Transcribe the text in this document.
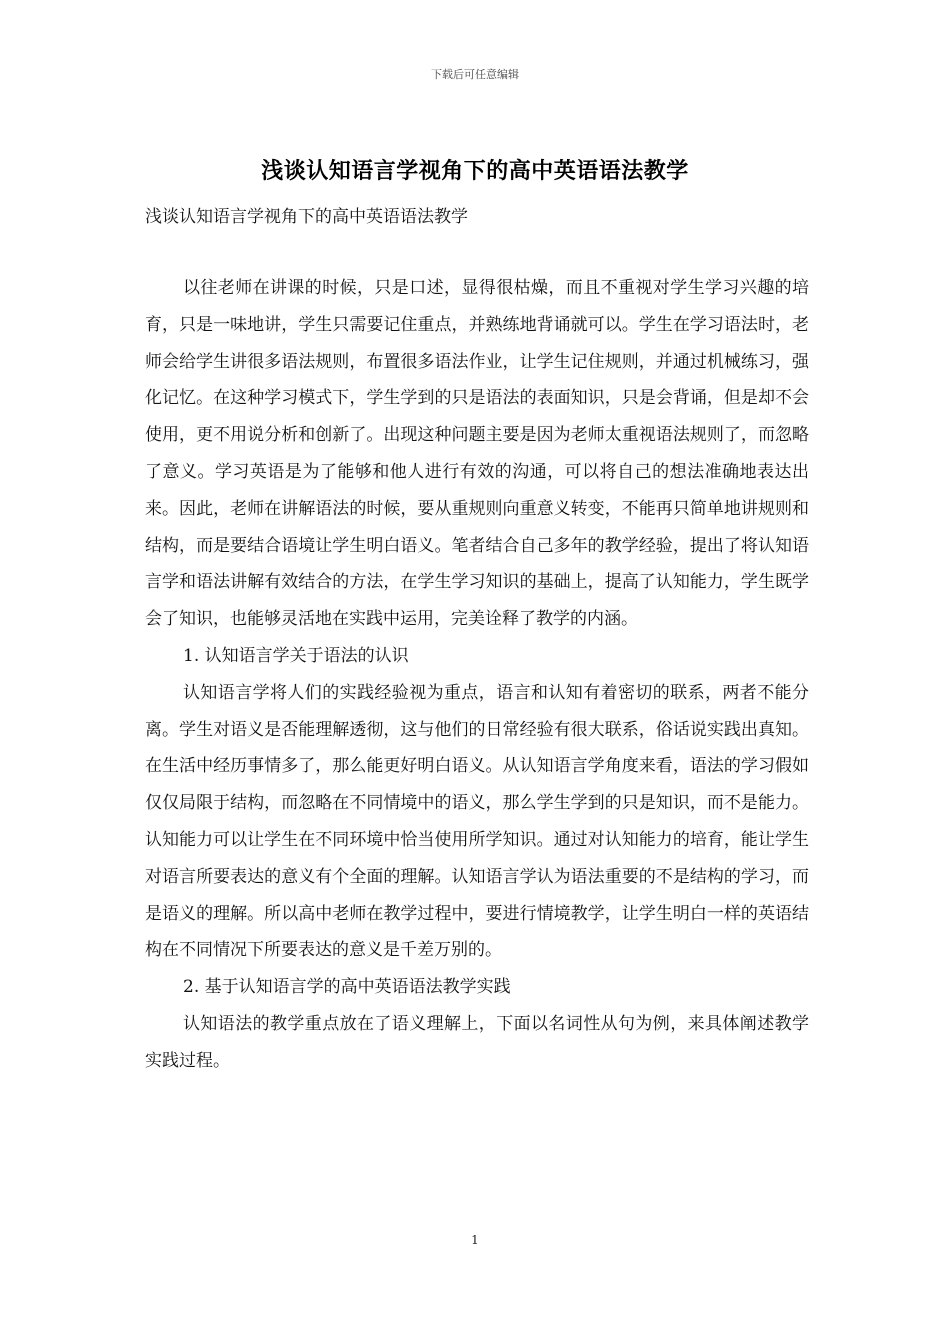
下载后可任意编辑
浅谈认知语言学视角下的高中英语语法教学
浅谈认知语言学视角下的高中英语语法教学

以往老师在讲课的时候，只是口述，显得很枯燥，而且不重视对学生学习兴趣的培育，只是一味地讲，学生只需要记住重点，并熟练地背诵就可以。学生在学习语法时，老师会给学生讲很多语法规则，布置很多语法作业，让学生记住规则，并通过机械练习，强化记忆。在这种学习模式下，学生学到的只是语法的表面知识，只是会背诵，但是却不会使用，更不用说分析和创新了。出现这种问题主要是因为老师太重视语法规则了，而忽略了意义。学习英语是为了能够和他人进行有效的沟通，可以将自己的想法准确地表达出来。因此，老师在讲解语法的时候，要从重规则向重意义转变，不能再只简单地讲规则和结构，而是要结合语境让学生明白语义。笔者结合自己多年的教学经验，提出了将认知语言学和语法讲解有效结合的方法，在学生学习知识的基础上，提高了认知能力，学生既学会了知识，也能够灵活地在实践中运用，完美诠释了教学的内涵。

1. 认知语言学关于语法的认识

认知语言学将人们的实践经验视为重点，语言和认知有着密切的联系，两者不能分离。学生对语义是否能理解透彻，这与他们的日常经验有很大联系，俗话说实践出真知。在生活中经历事情多了，那么能更好明白语义。从认知语言学角度来看，语法的学习假如仅仅局限于结构，而忽略在不同情境中的语义，那么学生学到的只是知识，而不是能力。认知能力可以让学生在不同环境中恰当使用所学知识。通过对认知能力的培育，能让学生对语言所要表达的意义有个全面的理解。认知语言学认为语法重要的不是结构的学习，而是语义的理解。所以高中老师在教学过程中，要进行情境教学，让学生明白一样的英语结构在不同情况下所要表达的意义是千差万别的。

2. 基于认知语言学的高中英语语法教学实践

认知语法的教学重点放在了语义理解上，下面以名词性从句为例，来具体阐述教学实践过程。

1
